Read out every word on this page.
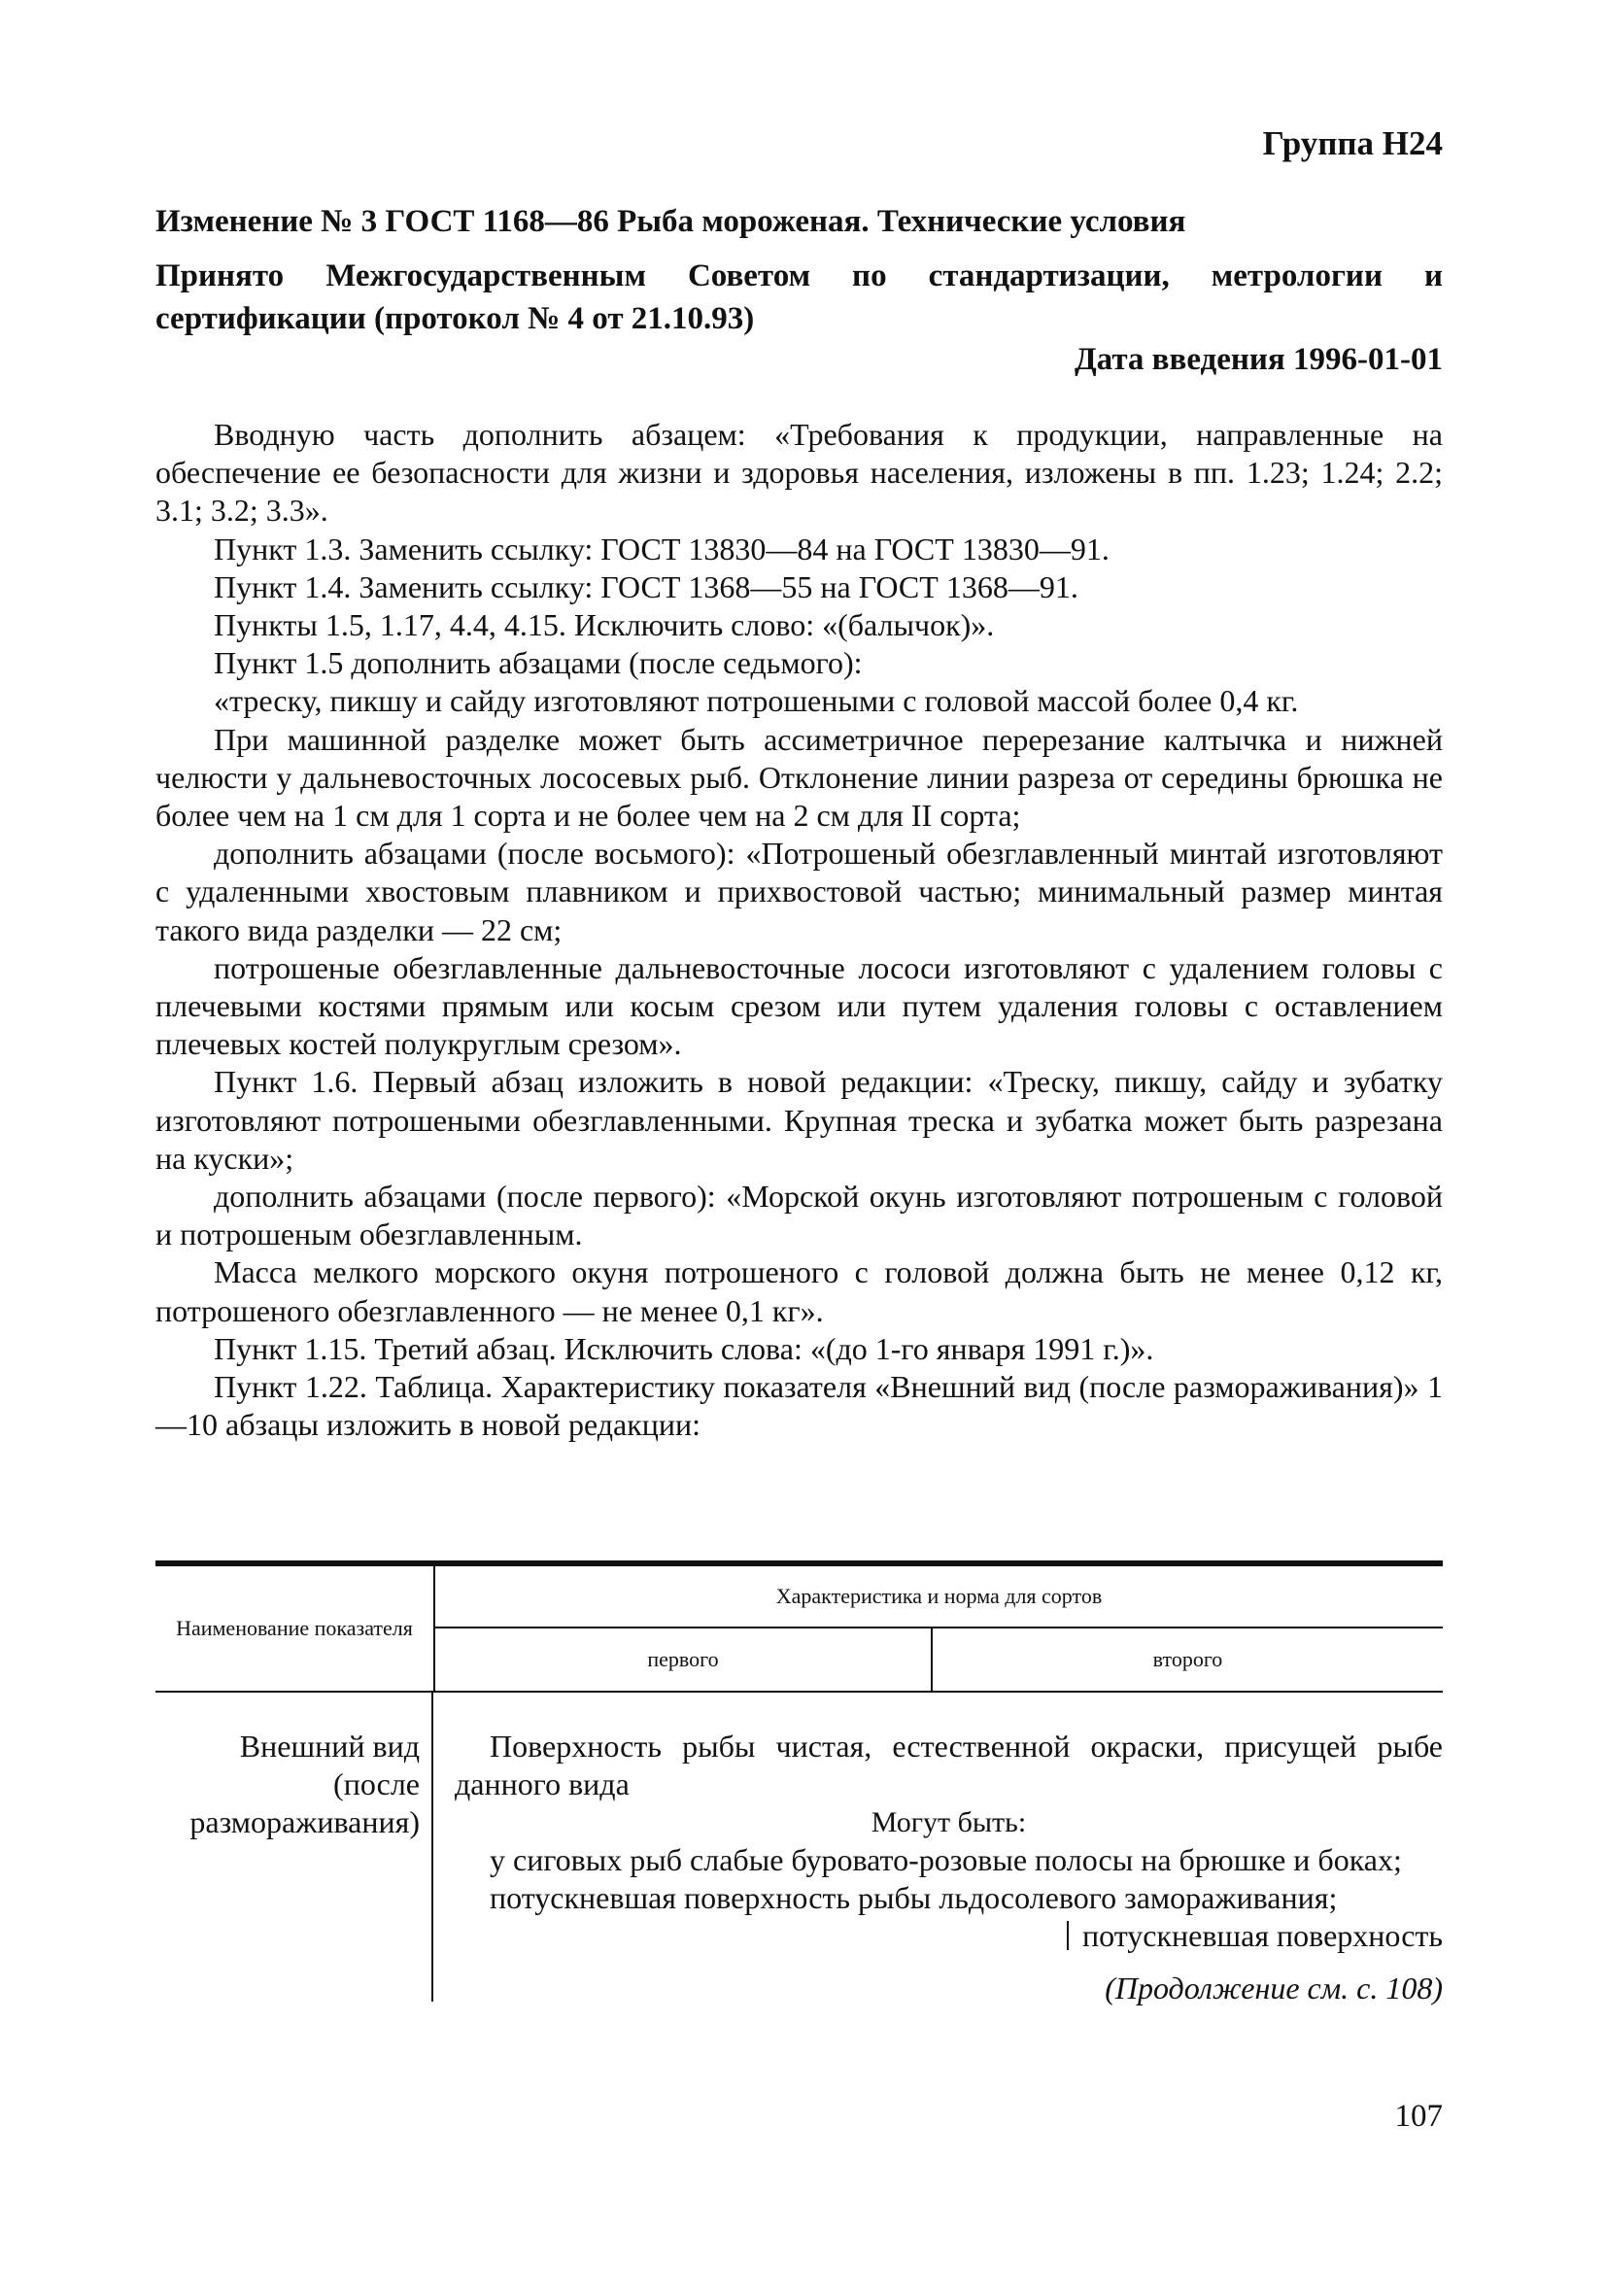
Группа Н24
Изменение № 3 ГОСТ 1168—86 Рыба мороженая. Технические условия
Принято Межгосударственным Советом по стандартизации, метрологии и сертификации (протокол № 4 от 21.10.93)
Дата введения 1996-01-01

Вводную часть дополнить абзацем: «Требования к продукции, направленные на обеспечение ее безопасности для жизни и здоровья населения, изложены в пп. 1.23; 1.24; 2.2; 3.1; 3.2; 3.3».

Пункт 1.3. Заменить ссылку: ГОСТ 13830—84 на ГОСТ 13830—91.

Пункт 1.4. Заменить ссылку: ГОСТ 1368—55 на ГОСТ 1368—91.

Пункты 1.5, 1.17, 4.4, 4.15. Исключить слово: «(балычок)».

Пункт 1.5 дополнить абзацами (после седьмого):

«треску, пикшу и сайду изготовляют потрошеными с головой массой более 0,4 кг.

При машинной разделке может быть ассиметричное перерезание калтычка и нижней челюсти у дальневосточных лососевых рыб. Отклонение линии разреза от середины брюшка не более чем на 1 см для 1 сорта и не более чем на 2 см для II сорта;

дополнить абзацами (после восьмого): «Потрошеный обезглавленный минтай изготовляют с удаленными хвостовым плавником и прихвостовой частью; минимальный размер минтая такого вида разделки — 22 см;

потрошеные обезглавленные дальневосточные лососи изготовляют с удалением головы с плечевыми костями прямым или косым срезом или путем удаления головы с оставлением плечевых костей полукруглым срезом».

Пункт 1.6. Первый абзац изложить в новой редакции: «Треску, пикшу, сайду и зубатку изготовляют потрошеными обезглавленными. Крупная треска и зубатка может быть разрезана на куски»;

дополнить абзацами (после первого): «Морской окунь изготовляют потрошеным с головой и потрошеным обезглавленным.

Масса мелкого морского окуня потрошеного с головой должна быть не менее 0,12 кг, потрошеного обезглавленного — не менее 0,1 кг».

Пункт 1.15. Третий абзац. Исключить слова: «(до 1-го января 1991 г.)».

Пункт 1.22. Таблица. Характеристику показателя «Внешний вид (после размораживания)» 1—10 абзацы изложить в новой редакции:

Наименование показателя
Характеристика и норма для сортов
первого	второго
Внешний вид (после размораживания)

Поверхность рыбы чистая, естественной окраски, присущей рыбе данного вида

Могут быть:

у сиговых рыб слабые буровато-розовые полосы на брюшке и боках;

потускневшая поверхность рыбы льдосолевого замораживания;

потускневшая поверхность

(Продолжение см. с. 108)
107
